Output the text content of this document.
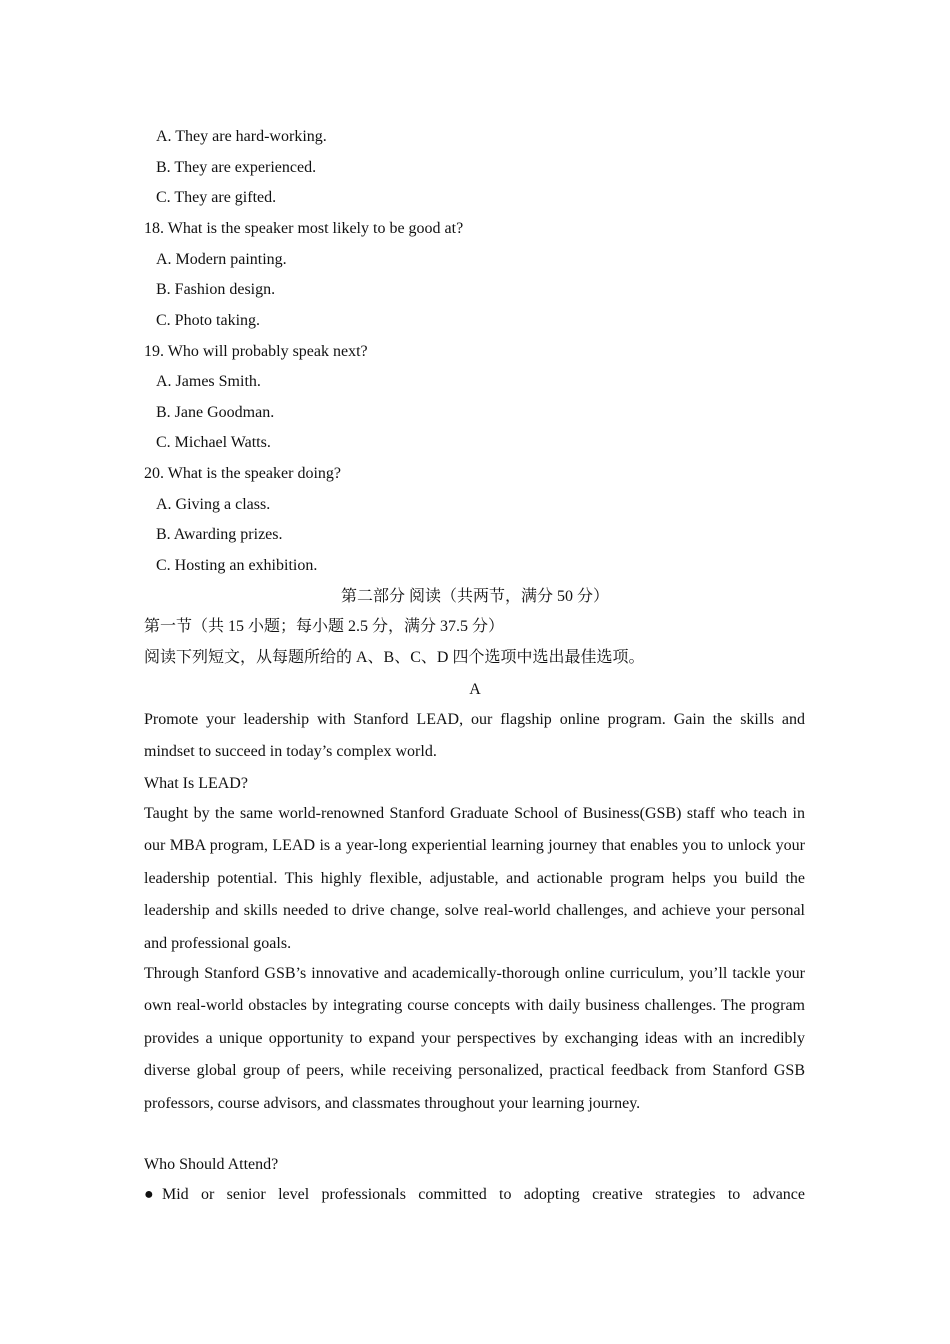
A. They are hard-working.
B. They are experienced.
C. They are gifted.
18. What is the speaker most likely to be good at?
A. Modern painting.
B. Fashion design.
C. Photo taking.
19. Who will probably speak next?
A. James Smith.
B. Jane Goodman.
C. Michael Watts.
20. What is the speaker doing?
A. Giving a class.
B. Awarding prizes.
C. Hosting an exhibition.
第二部分 阅读（共两节，满分 50 分）
第一节（共 15 小题；每小题 2.5 分，满分 37.5 分）
阅读下列短文，从每题所给的 A、B、C、D 四个选项中选出最佳选项。
A
Promote your leadership with Stanford LEAD, our flagship online program. Gain the skills and mindset to succeed in today’s complex world.
What Is LEAD?
Taught by the same world-renowned Stanford Graduate School of Business(GSB) staff who teach in our MBA program, LEAD is a year-long experiential learning journey that enables you to unlock your leadership potential. This highly flexible, adjustable, and actionable program helps you build the leadership and skills needed to drive change, solve real-world challenges, and achieve your personal and professional goals.
Through Stanford GSB’s innovative and academically-thorough online curriculum, you’ll tackle your own real-world obstacles by integrating course concepts with daily business challenges. The program provides a unique opportunity to expand your perspectives by exchanging ideas with an incredibly diverse global group of peers, while receiving personalized, practical feedback from Stanford GSB professors, course advisors, and classmates throughout your learning journey.
Who Should Attend?
●Mid or senior level professionals committed to adopting creative strategies to advance
